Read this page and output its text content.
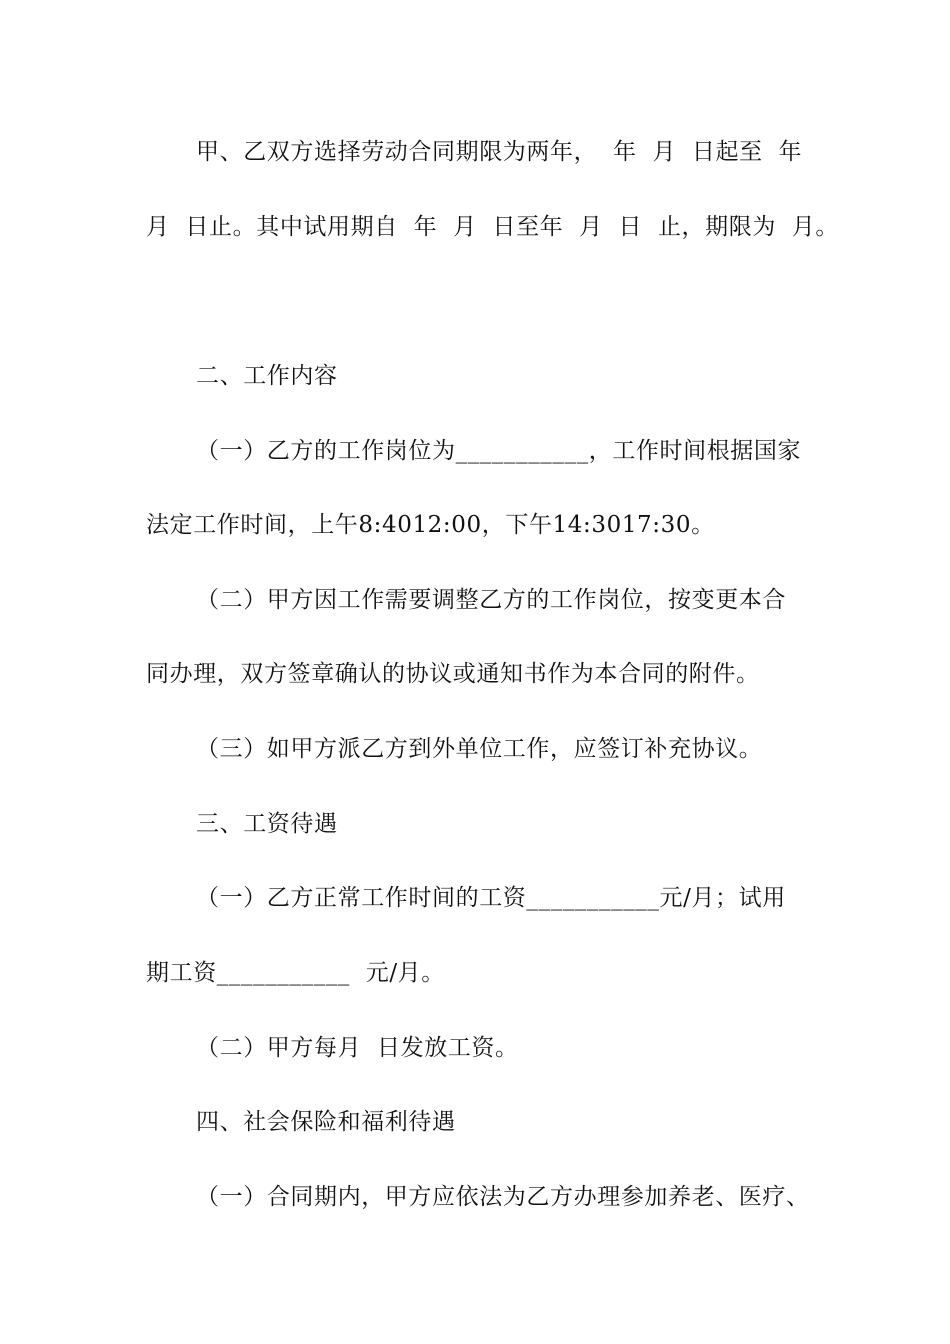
甲、乙双方选择劳动合同期限为两年，  年  月  日起至  年

月  日止。其中试用期自  年  月  日至年  月  日  止，期限为  月。

二、工作内容

（一）乙方的工作岗位为___________，工作时间根据国家

法定工作时间，上午8:4012:00，下午14:3017:30。

（二）甲方因工作需要调整乙方的工作岗位，按变更本合

同办理，双方签章确认的协议或通知书作为本合同的附件。

（三）如甲方派乙方到外单位工作，应签订补充协议。

三、工资待遇

（一）乙方正常工作时间的工资___________元/月；试用

期工资___________  元/月。

（二）甲方每月  日发放工资。

四、社会保险和福利待遇

（一）合同期内，甲方应依法为乙方办理参加养老、医疗、
